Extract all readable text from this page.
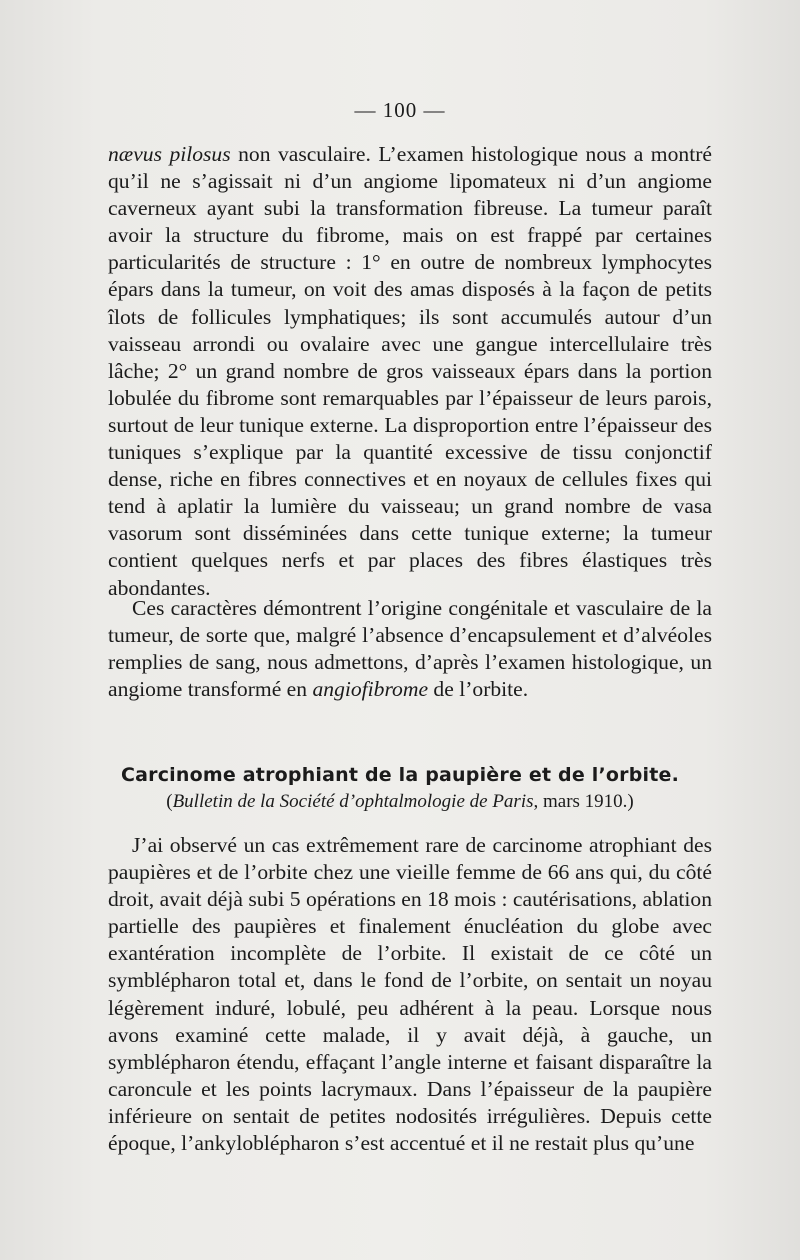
— 100 —

nævus pilosus non vasculaire. L’examen histologique nous a montré qu’il ne s’agissait ni d’un angiome lipomateux ni d’un angiome caverneux ayant subi la transformation fibreuse. La tumeur paraît avoir la structure du fibrome, mais on est frappé par certaines particularités de structure : 1° en outre de nombreux lymphocytes épars dans la tumeur, on voit des amas disposés à la façon de petits îlots de follicules lymphatiques; ils sont accumulés autour d’un vaisseau arrondi ou ovalaire avec une gangue intercellulaire très lâche; 2° un grand nombre de gros vaisseaux épars dans la portion lobulée du fibrome sont remarquables par l’épaisseur de leurs parois, surtout de leur tunique externe. La disproportion entre l’épaisseur des tuniques s’explique par la quantité excessive de tissu conjonctif dense, riche en fibres connectives et en noyaux de cellules fixes qui tend à aplatir la lumière du vaisseau; un grand nombre de vasa vasorum sont disséminées dans cette tunique externe; la tumeur contient quelques nerfs et par places des fibres élastiques très abondantes.

Ces caractères démontrent l’origine congénitale et vasculaire de la tumeur, de sorte que, malgré l’absence d’encapsulement et d’alvéoles remplies de sang, nous admettons, d’après l’examen histologique, un angiome transformé en angiofibrome de l’orbite.

Carcinome atrophiant de la paupière et de l’orbite.
(Bulletin de la Société d’ophtalmologie de Paris, mars 1910.)

J’ai observé un cas extrêmement rare de carcinome atrophiant des paupières et de l’orbite chez une vieille femme de 66 ans qui, du côté droit, avait déjà subi 5 opérations en 18 mois : cautérisations, ablation partielle des paupières et finalement énucléation du globe avec exantération incomplète de l’orbite. Il existait de ce côté un symblépharon total et, dans le fond de l’orbite, on sentait un noyau légèrement induré, lobulé, peu adhérent à la peau. Lorsque nous avons examiné cette malade, il y avait déjà, à gauche, un symblépharon étendu, effaçant l’angle interne et faisant disparaître la caroncule et les points lacrymaux. Dans l’épaisseur de la paupière inférieure on sentait de petites nodosités irrégulières. Depuis cette époque, l’ankyloblépharon s’est accentué et il ne restait plus qu’une
